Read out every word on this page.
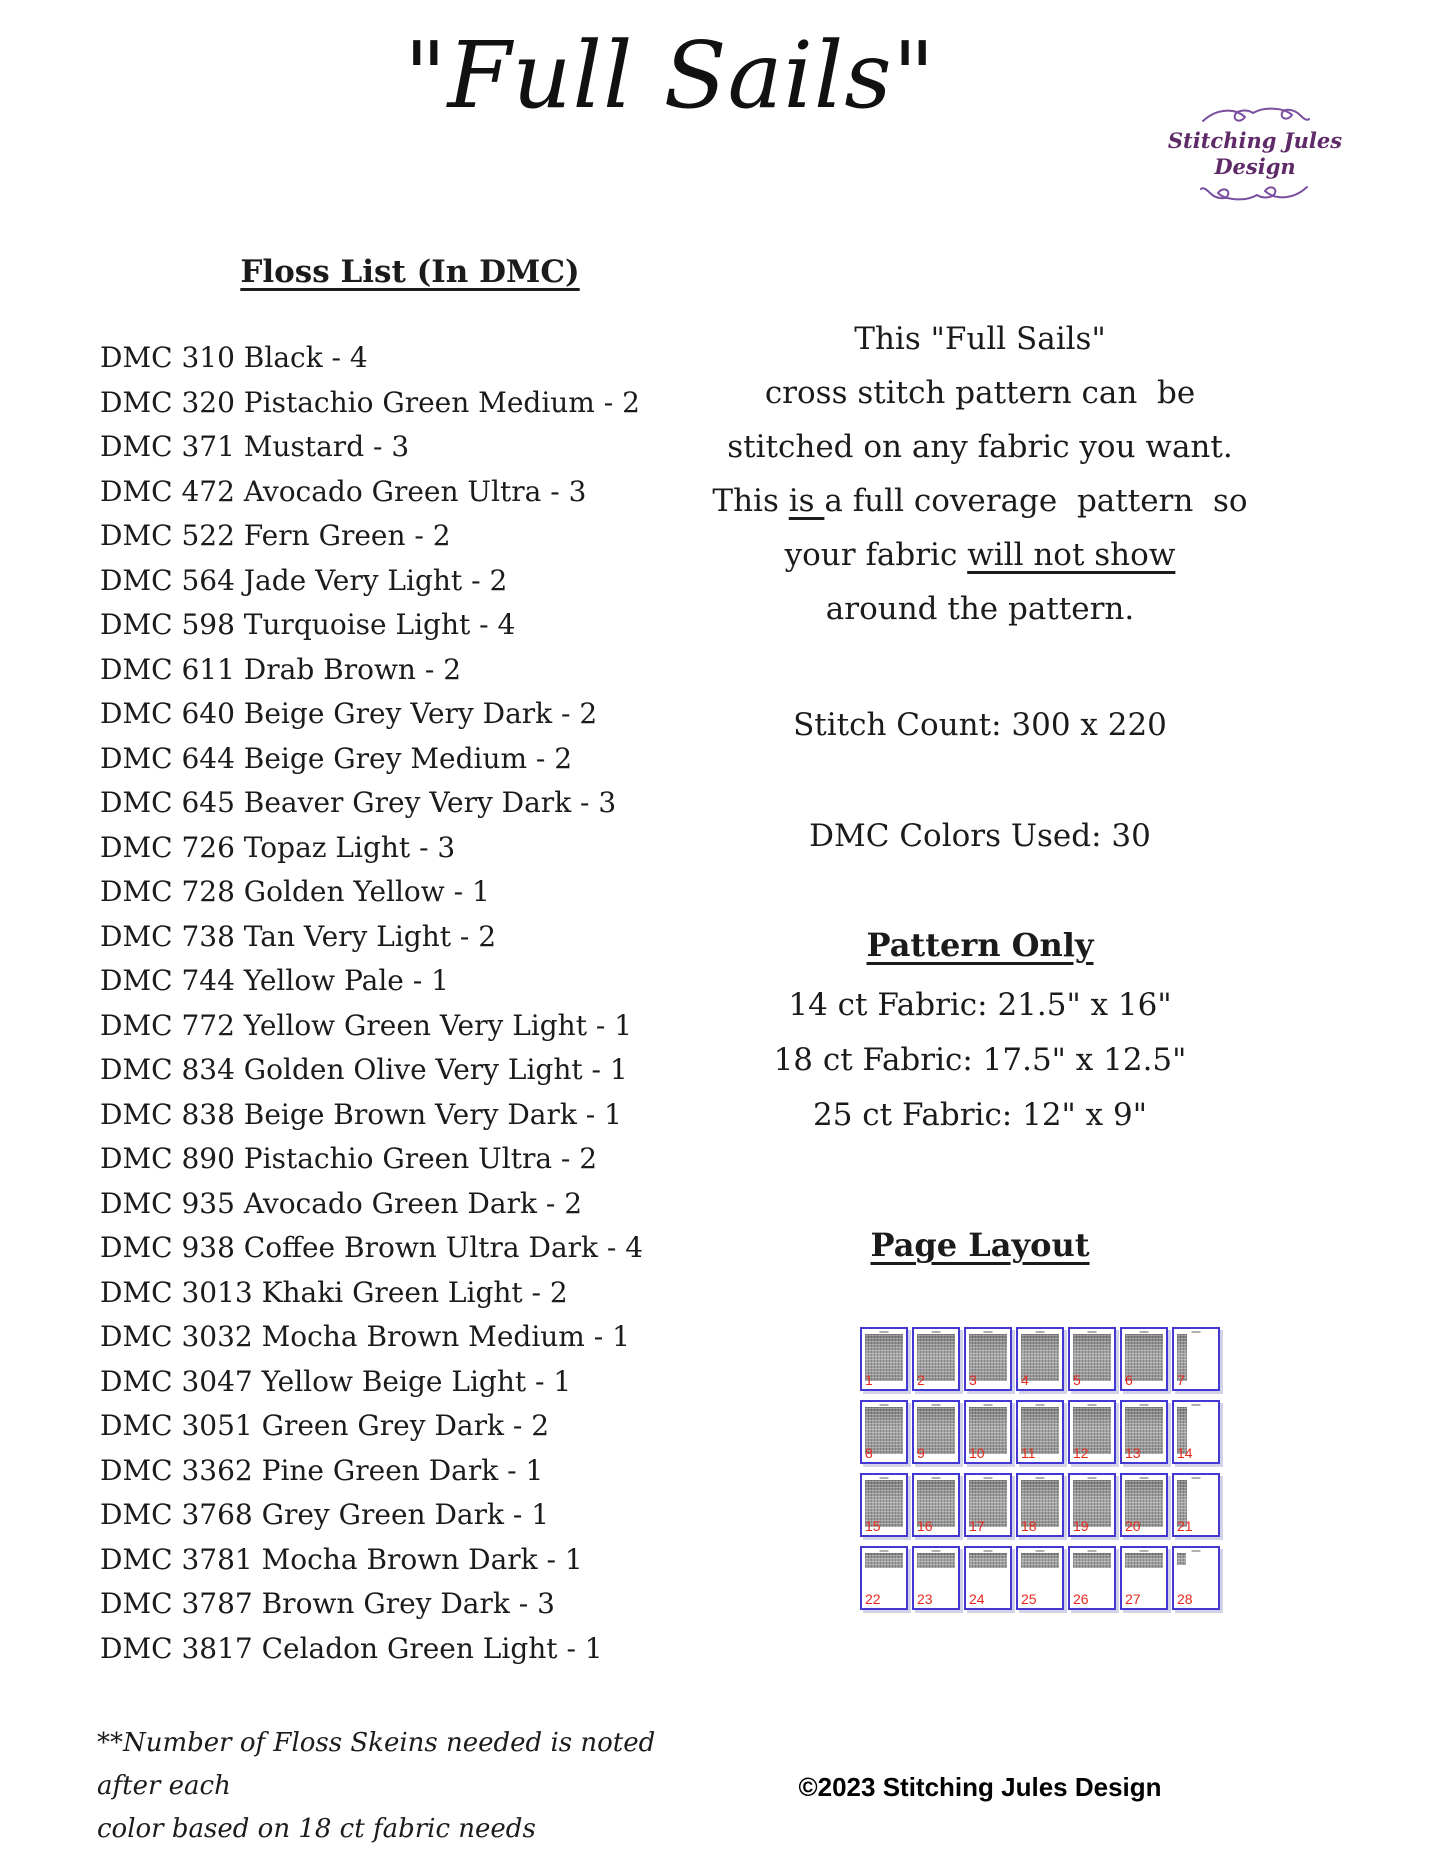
"Full Sails"
Stitching Jules Design
Floss List (In DMC)
DMC 310 Black - 4
DMC 320 Pistachio Green Medium - 2
DMC 371 Mustard - 3
DMC 472 Avocado Green Ultra - 3
DMC 522 Fern Green - 2
DMC 564 Jade Very Light - 2
DMC 598 Turquoise Light - 4
DMC 611 Drab Brown - 2
DMC 640 Beige Grey Very Dark - 2
DMC 644 Beige Grey Medium - 2
DMC 645 Beaver Grey Very Dark - 3
DMC 726 Topaz Light - 3
DMC 728 Golden Yellow - 1
DMC 738 Tan Very Light - 2
DMC 744 Yellow Pale - 1
DMC 772 Yellow Green Very Light - 1
DMC 834 Golden Olive Very Light - 1
DMC 838 Beige Brown Very Dark - 1
DMC 890 Pistachio Green Ultra - 2
DMC 935 Avocado Green Dark - 2
DMC 938 Coffee Brown Ultra Dark - 4
DMC 3013 Khaki Green Light - 2
DMC 3032 Mocha Brown Medium - 1
DMC 3047 Yellow Beige Light - 1
DMC 3051 Green Grey Dark - 2
DMC 3362 Pine Green Dark - 1
DMC 3768 Grey Green Dark - 1
DMC 3781 Mocha Brown Dark - 1
DMC 3787 Brown Grey Dark - 3
DMC 3817 Celadon Green Light - 1
**Number of Floss Skeins needed is noted after each
color based on 18 ct fabric needs
This "Full Sails"
cross stitch pattern can  be
stitched on any fabric you want.
This is a full coverage  pattern  so
your fabric will not show
around the pattern.
Stitch Count: 300 x 220
DMC Colors Used: 30
Pattern Only
14 ct Fabric: 21.5" x 16"
18 ct Fabric: 17.5" x 12.5"
25 ct Fabric: 12" x 9"
Page Layout
1	2	3	4	5	6	7
8	9	10	11	12	13	14
15	16	17	18	19	20	21
22	23	24	25	26	27	28
©2023 Stitching Jules Design
